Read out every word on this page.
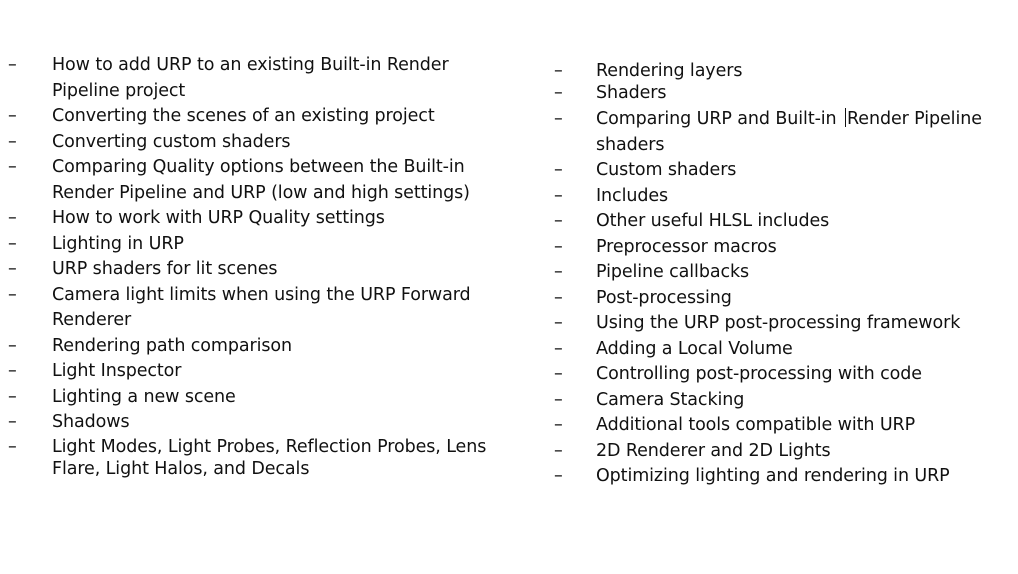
–	How to add URP to an existing Built-in Render Pipeline project
–	Converting the scenes of an existing project
–	Converting custom shaders
–	Comparing Quality options between the Built-in Render Pipeline and URP (low and high settings)
–	How to work with URP Quality settings
–	Lighting in URP
–	URP shaders for lit scenes
–	Camera light limits when using the URP Forward Renderer
–	Rendering path comparison
–	Light Inspector
–	Lighting a new scene
–	Shadows
–	Light Modes, Light Probes, Reflection Probes, Lens Flare, Light Halos, and Decals
–	Rendering layers
–	Shaders
–	Comparing URP and Built-in Render Pipeline shaders
–	Custom shaders
–	Includes
–	Other useful HLSL includes
–	Preprocessor macros
–	Pipeline callbacks
–	Post-processing
–	Using the URP post-processing framework
–	Adding a Local Volume
–	Controlling post-processing with code
–	Camera Stacking
–	Additional tools compatible with URP
–	2D Renderer and 2D Lights
–	Optimizing lighting and rendering in URP
